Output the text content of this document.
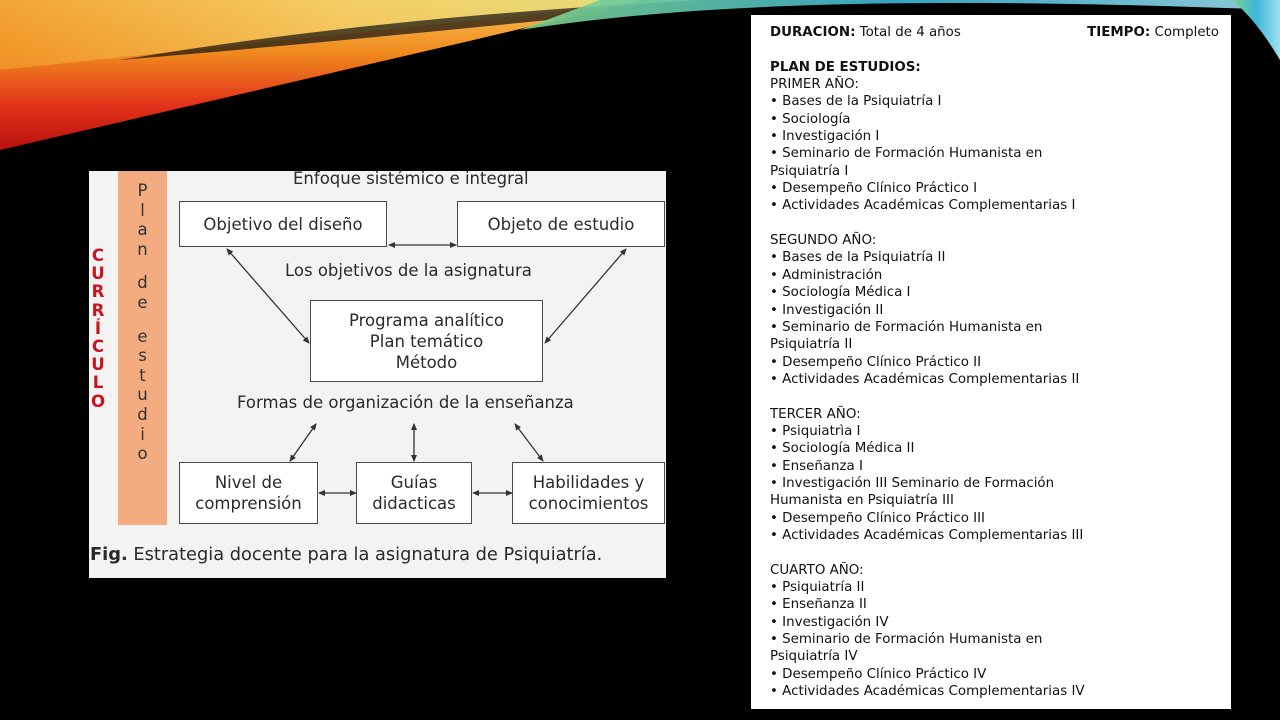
C
U
R
R
Í
C
U
L
O
P
l
a
n
d
e
e
s
t
u
d
i
o
Enfoque sistémico e integral
Objetivo del diseño	Objeto de estudio
Los objetivos de la asignatura
Programa analítico
Plan temático
Método
Formas de organización de la enseñanza
Nivel de
comprensión
Guías
didacticas
Habilidades y
conocimientos
Fig. Estrategia docente para la asignatura de Psiquiatría.
DURACION: Total de 4 años	TIEMPO: Completo
PLAN DE ESTUDIOS:
PRIMER AÑO:
• Bases de la Psiquiatría I
• Sociología
• Investigación I
• Seminario de Formación Humanista en
Psiquiatría I
• Desempeño Clínico Práctico I
• Actividades Académicas Complementarias I
SEGUNDO AÑO:
• Bases de la Psiquiatría II
• Administración
• Sociología Médica I
• Investigación II
• Seminario de Formación Humanista en
Psiquiatría II
• Desempeño Clínico Práctico II
• Actividades Académicas Complementarias II
TERCER AÑO:
• Psiquiatrìa I
• Sociología Médica II
• Enseñanza I
• Investigación III Seminario de Formación
Humanista en Psiquiatría III
• Desempeño Clínico Práctico III
• Actividades Académicas Complementarias III
CUARTO AÑO:
• Psiquiatría II
• Enseñanza II
• Investigación IV
• Seminario de Formación Humanista en
Psiquiatría IV
• Desempeño Clínico Práctico IV
• Actividades Académicas Complementarias IV
